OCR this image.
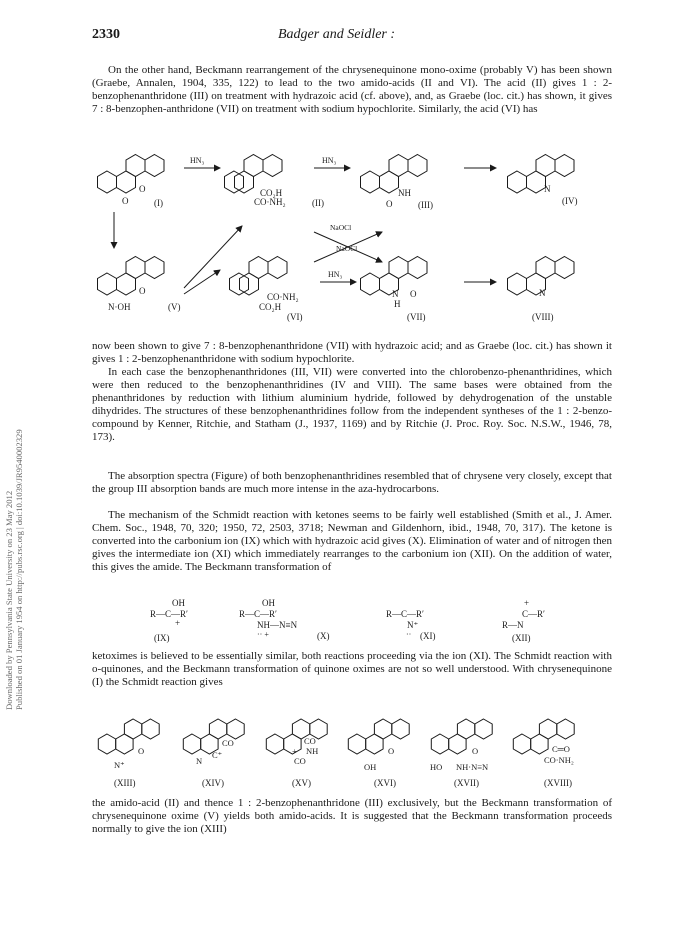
Downloaded by Pennsylvania State University on 23 May 2012 Published on 01 January 1954 on http://pubs.rsc.org | doi:10.1039/JR9540002329
2330	Badger and Seidler :

On the other hand, Beckmann rearrangement of the chrysenequinone mono-oxime (probably V) has been shown (Graebe, Annalen, 1904, 335, 122) to lead to the two amido-acids (II and VI). The acid (II) gives 1 : 2-benzophenanthridone (III) on treatment with hydrazoic acid (cf. above), and, as Graebe (loc. cit.) has shown, it gives 7 : 8-benzophen-anthridone (VII) on treatment with sodium hypochlorite. Similarly, the acid (VI) has

HN₃	HN₃
HN₃
NaOCl
NaOCl
O
O
CO₂H
CO·NH₂
NH
O
N
(I)	(II)	(III)	(IV)
O
N·OH
CO·NH₂
CO₂H
N O
H
N
(V)
(VI)	(VII)	(VIII)

now been shown to give 7 : 8-benzophenanthridone (VII) with hydrazoic acid; and as Graebe (loc. cit.) has shown it gives 1 : 2-benzophenanthridone with sodium hypochlorite.

In each case the benzophenanthridones (III, VII) were converted into the chlorobenzo-phenanthridines, which were then reduced to the benzophenanthridines (IV and VIII). The same bases were obtained from the phenanthridones by reduction with lithium aluminium hydride, followed by dehydrogenation of the unstable dihydrides. The structures of these benzophenanthridines follow from the independent syntheses of the 1 : 2-benzo-compound by Kenner, Ritchie, and Statham (J., 1937, 1169) and by Ritchie (J. Proc. Roy. Soc. N.S.W., 1946, 78, 173).

The absorption spectra (Figure) of both benzophenanthridines resembled that of chrysene very closely, except that the group III absorption bands are much more intense in the aza-hydrocarbons.

The mechanism of the Schmidt reaction with ketones seems to be fairly well established (Smith et al., J. Amer. Chem. Soc., 1948, 70, 320; 1950, 72, 2503, 3718; Newman and Gildenhorn, ibid., 1948, 70, 317). The ketone is converted into the carbonium ion (IX) which with hydrazoic acid gives (X). Elimination of water and of nitrogen then gives the intermediate ion (XI) which immediately rearranges to the carbonium ion (XII). On the addition of water, this gives the amide. The Beckmann transformation of

OH
R—C—R′
+
(IX)
OH
R—C—R′
NH—N≡N
·· +	(X)
R—C—R′
N⁺
·· (XI)
+
C—R′
R—N
(XII)

ketoximes is believed to be essentially similar, both reactions proceeding via the ion (XI). The Schmidt reaction with o-quinones, and the Beckmann transformation of quinone oximes are not so well understood. With chrysenequinone (I) the Schmidt reaction gives

O
N⁺
CO
C⁺
N
CO
NH
+
CO
O
OH
O
HO NH·N≡N
C═O
CO·NH₂
(XIII)	(XIV)	(XV)	(XVI)	(XVII)	(XVIII)

the amido-acid (II) and thence 1 : 2-benzophenanthridone (III) exclusively, but the Beckmann transformation of chrysenequinone oxime (V) yields both amido-acids. It is suggested that the Beckmann transformation proceeds normally to give the ion (XIII)
